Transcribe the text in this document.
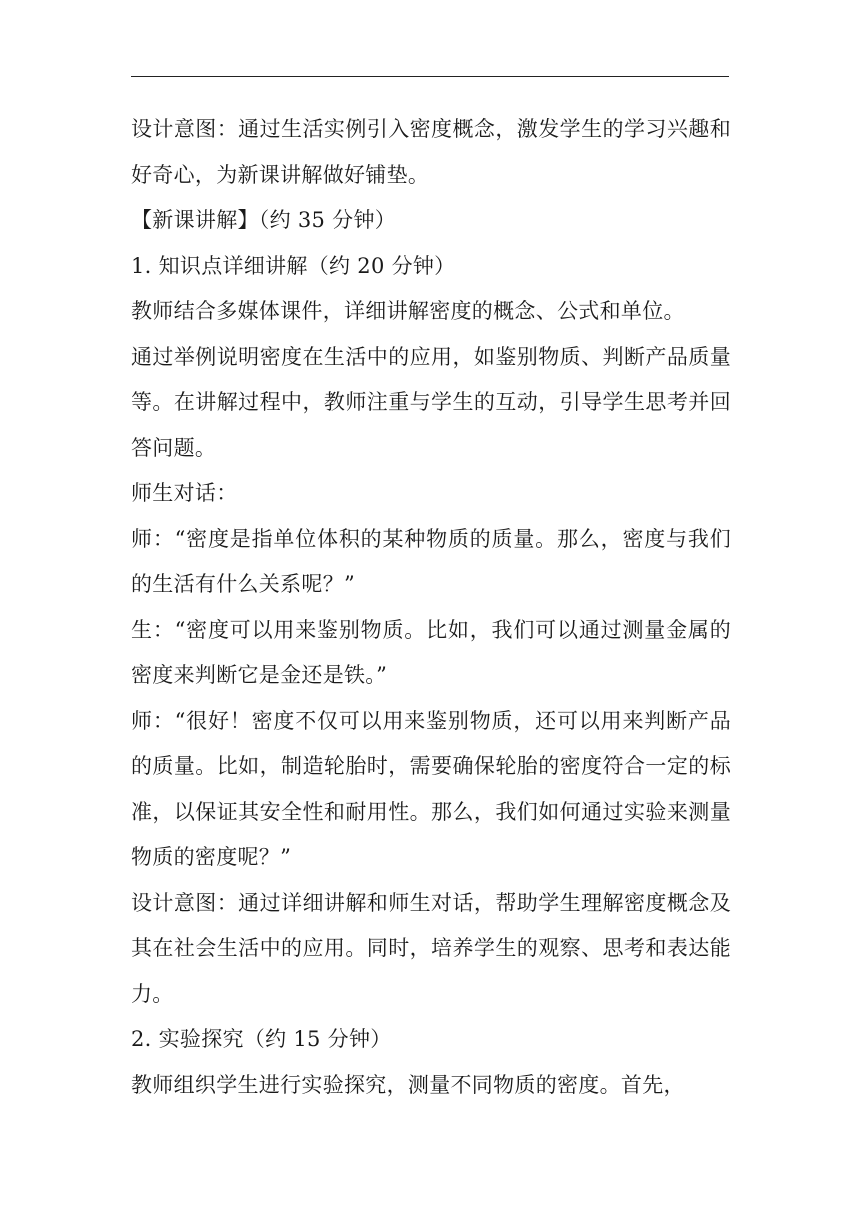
设计意图：通过生活实例引入密度概念，激发学生的学习兴趣和好奇心，为新课讲解做好铺垫。

【新课讲解】（约 35 分钟）

1. 知识点详细讲解（约 20 分钟）

教师结合多媒体课件，详细讲解密度的概念、公式和单位。

通过举例说明密度在生活中的应用，如鉴别物质、判断产品质量等。在讲解过程中，教师注重与学生的互动，引导学生思考并回答问题。

师生对话：

师：“密度是指单位体积的某种物质的质量。那么，密度与我们的生活有什么关系呢？”

生：“密度可以用来鉴别物质。比如，我们可以通过测量金属的密度来判断它是金还是铁。”

师：“很好！密度不仅可以用来鉴别物质，还可以用来判断产品的质量。比如，制造轮胎时，需要确保轮胎的密度符合一定的标准，以保证其安全性和耐用性。那么，我们如何通过实验来测量物质的密度呢？”

设计意图：通过详细讲解和师生对话，帮助学生理解密度概念及其在社会生活中的应用。同时，培养学生的观察、思考和表达能力。

2. 实验探究（约 15 分钟）

教师组织学生进行实验探究，测量不同物质的密度。首先，
